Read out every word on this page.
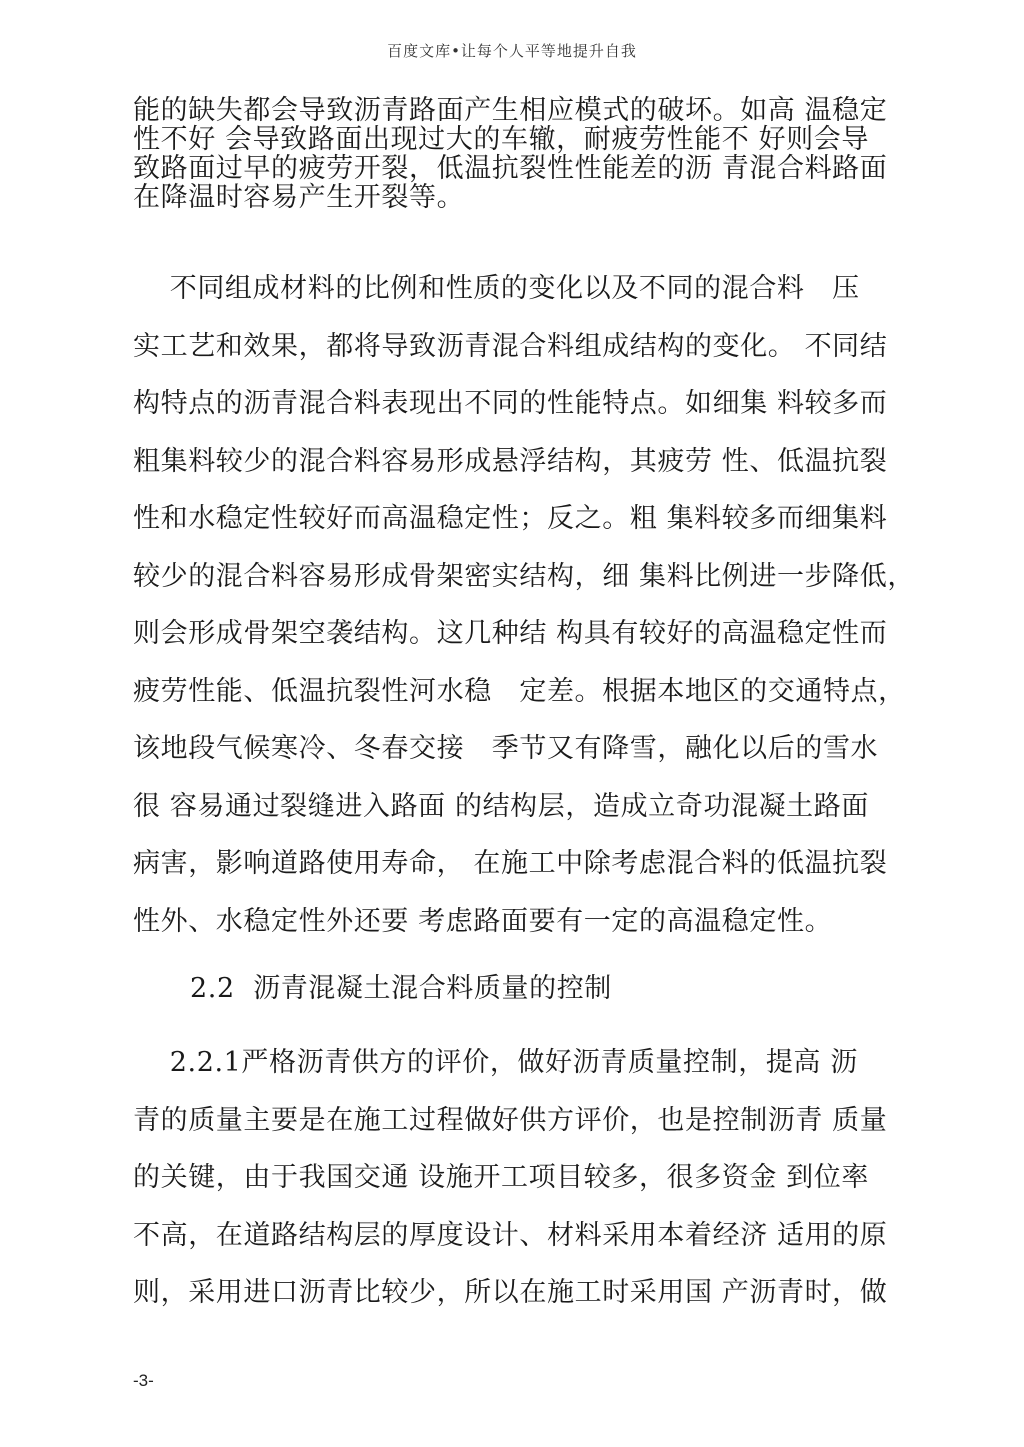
百度文库•让每个人平等地提升自我
能的缺失都会导致沥青路面产生相应模式的破坏。如高 温稳定
性不好 会导致路面出现过大的车辙，耐疲劳性能不 好则会导
致路面过早的疲劳开裂，低温抗裂性性能差的沥 青混合料路面
在降温时容易产生开裂等。
不同组成材料的比例和性质的变化以及不同的混合料   压
实工艺和效果，都将导致沥青混合料组成结构的变化。 不同结
构特点的沥青混合料表现出不同的性能特点。如细集 料较多而
粗集料较少的混合料容易形成悬浮结构，其疲劳 性、低温抗裂
性和水稳定性较好而高温稳定性；反之。粗 集料较多而细集料
较少的混合料容易形成骨架密实结构，细 集料比例进一步降低，
则会形成骨架空袭结构。这几种结 构具有较好的高温稳定性而
疲劳性能、低温抗裂性河水稳   定差。根据本地区的交通特点，
该地段气候寒冷、冬春交接   季节又有降雪，融化以后的雪水
很 容易通过裂缝进入路面 的结构层，造成立奇功混凝土路面
病害，影响道路使用寿命， 在施工中除考虑混合料的低温抗裂
性外、水稳定性外还要 考虑路面要有一定的高温稳定性。
2.2  沥青混凝土混合料质量的控制
2.2.1严格沥青供方的评价，做好沥青质量控制，提高 沥
青的质量主要是在施工过程做好供方评价，也是控制沥青 质量
的关键，由于我国交通 设施开工项目较多，很多资金 到位率
不高，在道路结构层的厚度设计、材料采用本着经济 适用的原
则，采用进口沥青比较少，所以在施工时采用国 产沥青时，做
-3-
